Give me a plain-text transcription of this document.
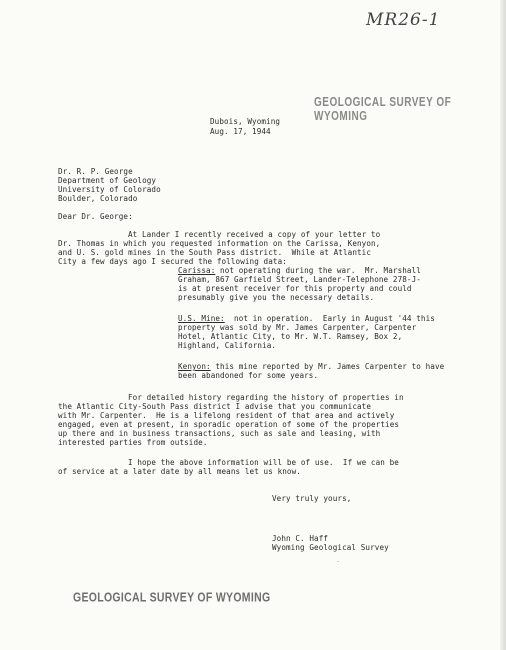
MR26-1
GEOLOGICAL SURVEY OF WYOMING
Dubois, Wyoming
Aug. 17, 1944
Dr. R. P. George
Department of Geology
University of Colorado
Boulder, Colorado
Dear Dr. George:
At Lander I recently received a copy of your letter to
Dr. Thomas in which you requested information on the Carissa, Kenyon,
and U. S. gold mines in the South Pass district.  While at Atlantic
City a few days ago I secured the following data:
Carissa: not operating during the war.  Mr. Marshall
Graham, 867 Garfield Street, Lander-Telephone 278-J-
is at present receiver for this property and could
presumably give you the necessary details.
U.S. Mine:  not in operation.  Early in August '44 this
property was sold by Mr. James Carpenter, Carpenter
Hotel, Atlantic City, to Mr. W.T. Ramsey, Box 2,
Highland, California.
Kenyon: this mine reported by Mr. James Carpenter to have
been abandoned for some years.
For detailed history regarding the history of properties in
the Atlantic City-South Pass district I advise that you communicate
with Mr. Carpenter.  He is a lifelong resident of that area and actively
engaged, even at present, in sporadic operation of some of the properties
up there and in business transactions, such as sale and leasing, with
interested parties from outside.
I hope the above information will be of use.  If we can be
of service at a later date by all means let us know.
Very truly yours,
John C. Haff
Wyoming Geological Survey
․
GEOLOGICAL SURVEY OF WYOMING
